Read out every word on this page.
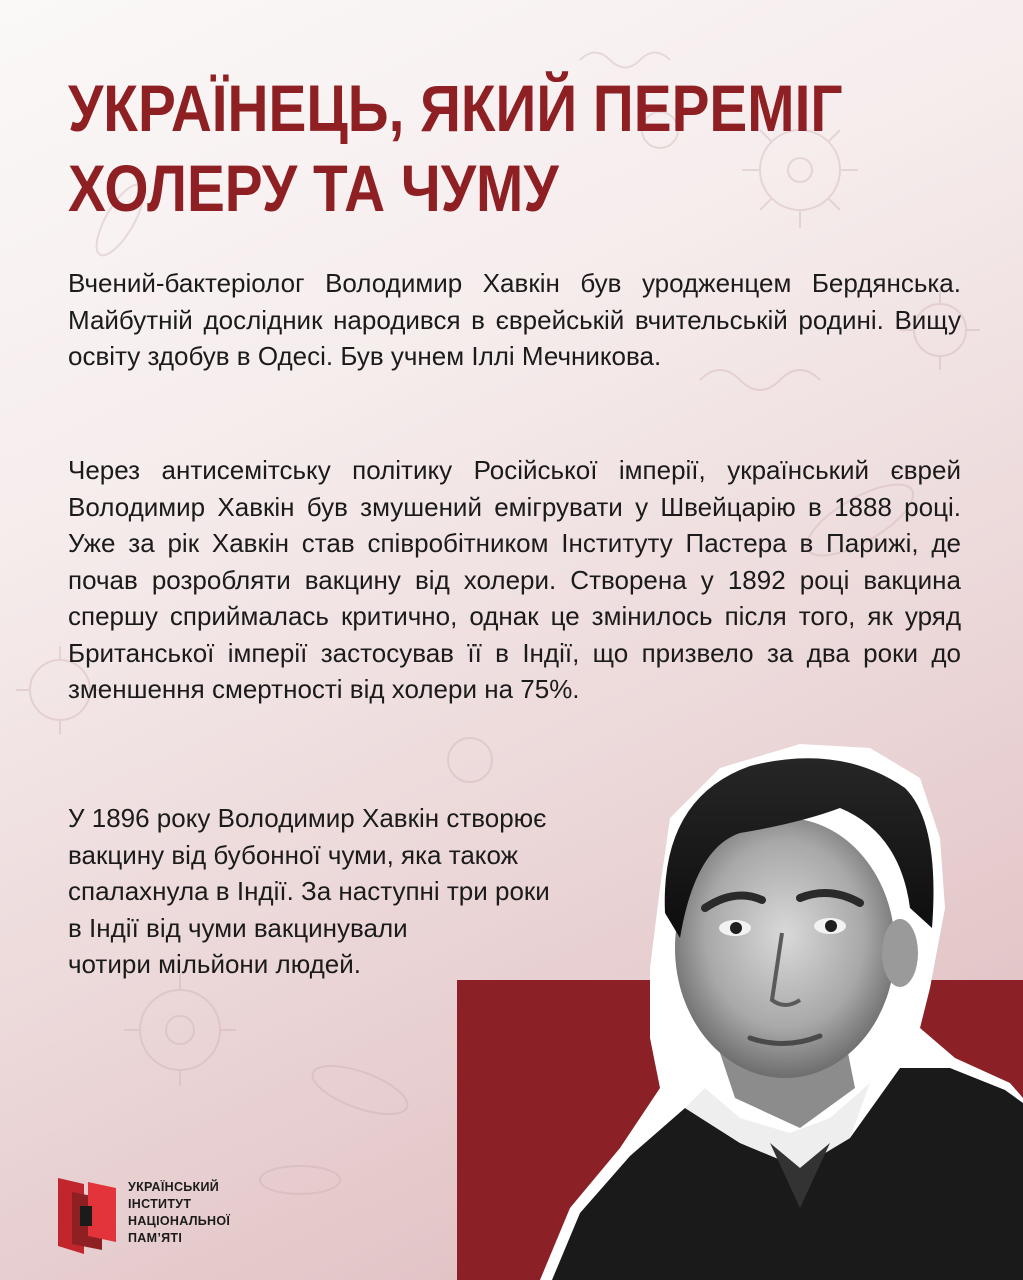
УКРАЇНЕЦЬ, ЯКИЙ ПЕРЕМІГ
ХОЛЕРУ ТА ЧУМУ
Вчений-бактеріолог Володимир Хавкін був уродженцем Бердянська. Майбутній дослідник народився в єврейській вчительській родині. Вищу освіту здобув в Одесі. Був учнем Іллі Мечникова.
Через антисемітську політику Російської імперії, український єврей Володимир Хавкін був змушений емігрувати у Швейцарію в 1888 році. Уже за рік Хавкін став співробітником Інституту Пастера в Парижі, де почав розробляти вакцину від холери. Створена у 1892 році вакцина спершу сприймалась критично, однак це змінилось після того, як уряд Британської імперії застосував її в Індії, що призвело за два роки до зменшення смертності від холери на 75%.
У 1896 року Володимир Хавкін створює
вакцину від бубонної чуми, яка також
спалахнула в Індії. За наступні три роки
в Індії від чуми вакцинували
чотири мільйони людей.
УКРАЇНСЬКИЙ
ІНСТИТУТ
НАЦІОНАЛЬНОЇ
ПАМ’ЯТІ
